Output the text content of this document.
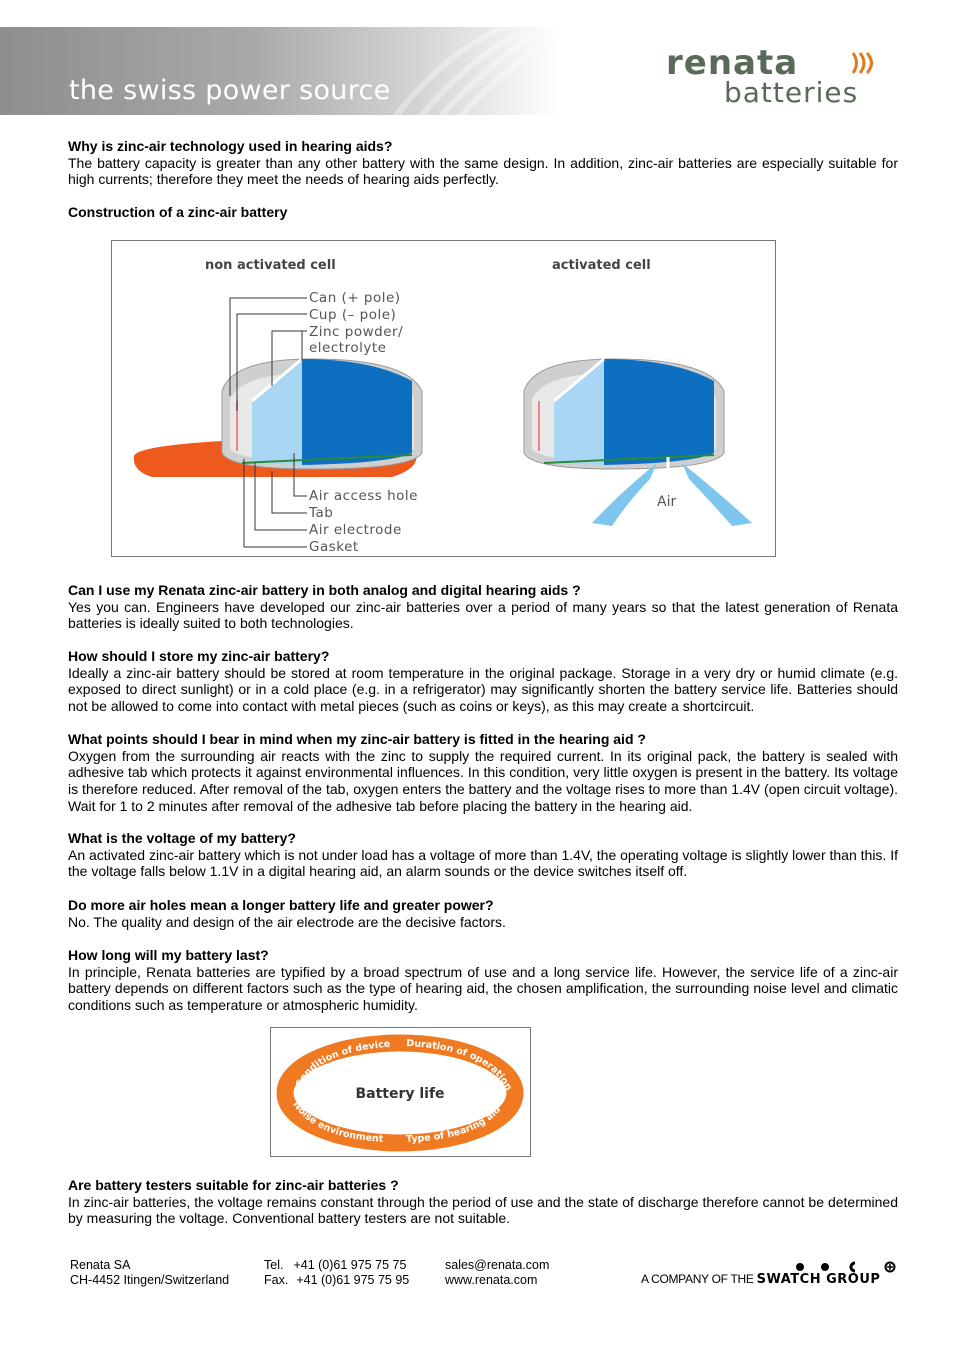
the swiss power source
renata
batteries

Why is zinc-air technology used in hearing aids?

The battery capacity is greater than any other battery with the same design. In addition, zinc-air batteries are especially suitable for high currents; therefore they meet the needs of hearing aids perfectly.

Construction of a zinc-air battery

non activated cell	activated cell
Air
Can (+ pole)
Cup (– pole)
Zinc powder/
electrolyte
Air access hole
Tab
Air electrode
Gasket

Can I use my Renata zinc-air battery in both analog and digital hearing aids ?

Yes you can. Engineers have developed our zinc-air batteries over a period of many years so that the latest generation of Renata batteries is ideally suited to both technologies.

How should I store my zinc-air battery?

Ideally a zinc-air battery should be stored at room temperature in the original package. Storage in a very dry or humid climate (e.g. exposed to direct sunlight) or in a cold place (e.g. in a refrigerator) may significantly shorten the battery service life. Batteries should not be allowed to come into contact with metal pieces (such as coins or keys), as this may create a shortcircuit.

What points should I bear in mind when my zinc-air battery is fitted in the hearing aid ?

Oxygen from the surrounding air reacts with the zinc to supply the required current. In its original pack, the battery is sealed with adhesive tab which protects it against environmental influences. In this condition, very little oxygen is present in the battery. Its voltage is therefore reduced. After removal of the tab, oxygen enters the battery and the voltage rises to more than 1.4V (open circuit voltage). Wait for 1 to 2 minutes after removal of the adhesive tab before placing the battery in the hearing aid.

What is the voltage of my battery?

An activated zinc-air battery which is not under load has a voltage of more than 1.4V, the operating voltage is slightly lower than this. If the voltage falls below 1.1V in a digital hearing aid, an alarm sounds or the device switches itself off.

Do more air holes mean a longer battery life and greater power?

No. The quality and design of the air electrode are the decisive factors.

How long will my battery last?

In principle, Renata batteries are typified by a broad spectrum of use and a long service life. However, the service life of a zinc-air battery depends on different factors such as the type of hearing aid, the chosen amplification, the surrounding noise level and climatic conditions such as temperature or atmospheric humidity.

Battery life
Condition of device Duration of operation
Noise environment Type of hearing aid

Are battery testers suitable for zinc-air batteries ?

In zinc-air batteries, the voltage remains constant through the period of use and the state of discharge therefore cannot be determined by measuring the voltage. Conventional battery testers are not suitable.

Renata SA
CH-4452 Itingen/Switzerland
Tel. +41 (0)61 975 75 75
Fax. +41 (0)61 975 75 95
sales@renata.com
www.renata.com	A COMPANY OF THE SWATCH GROUP
